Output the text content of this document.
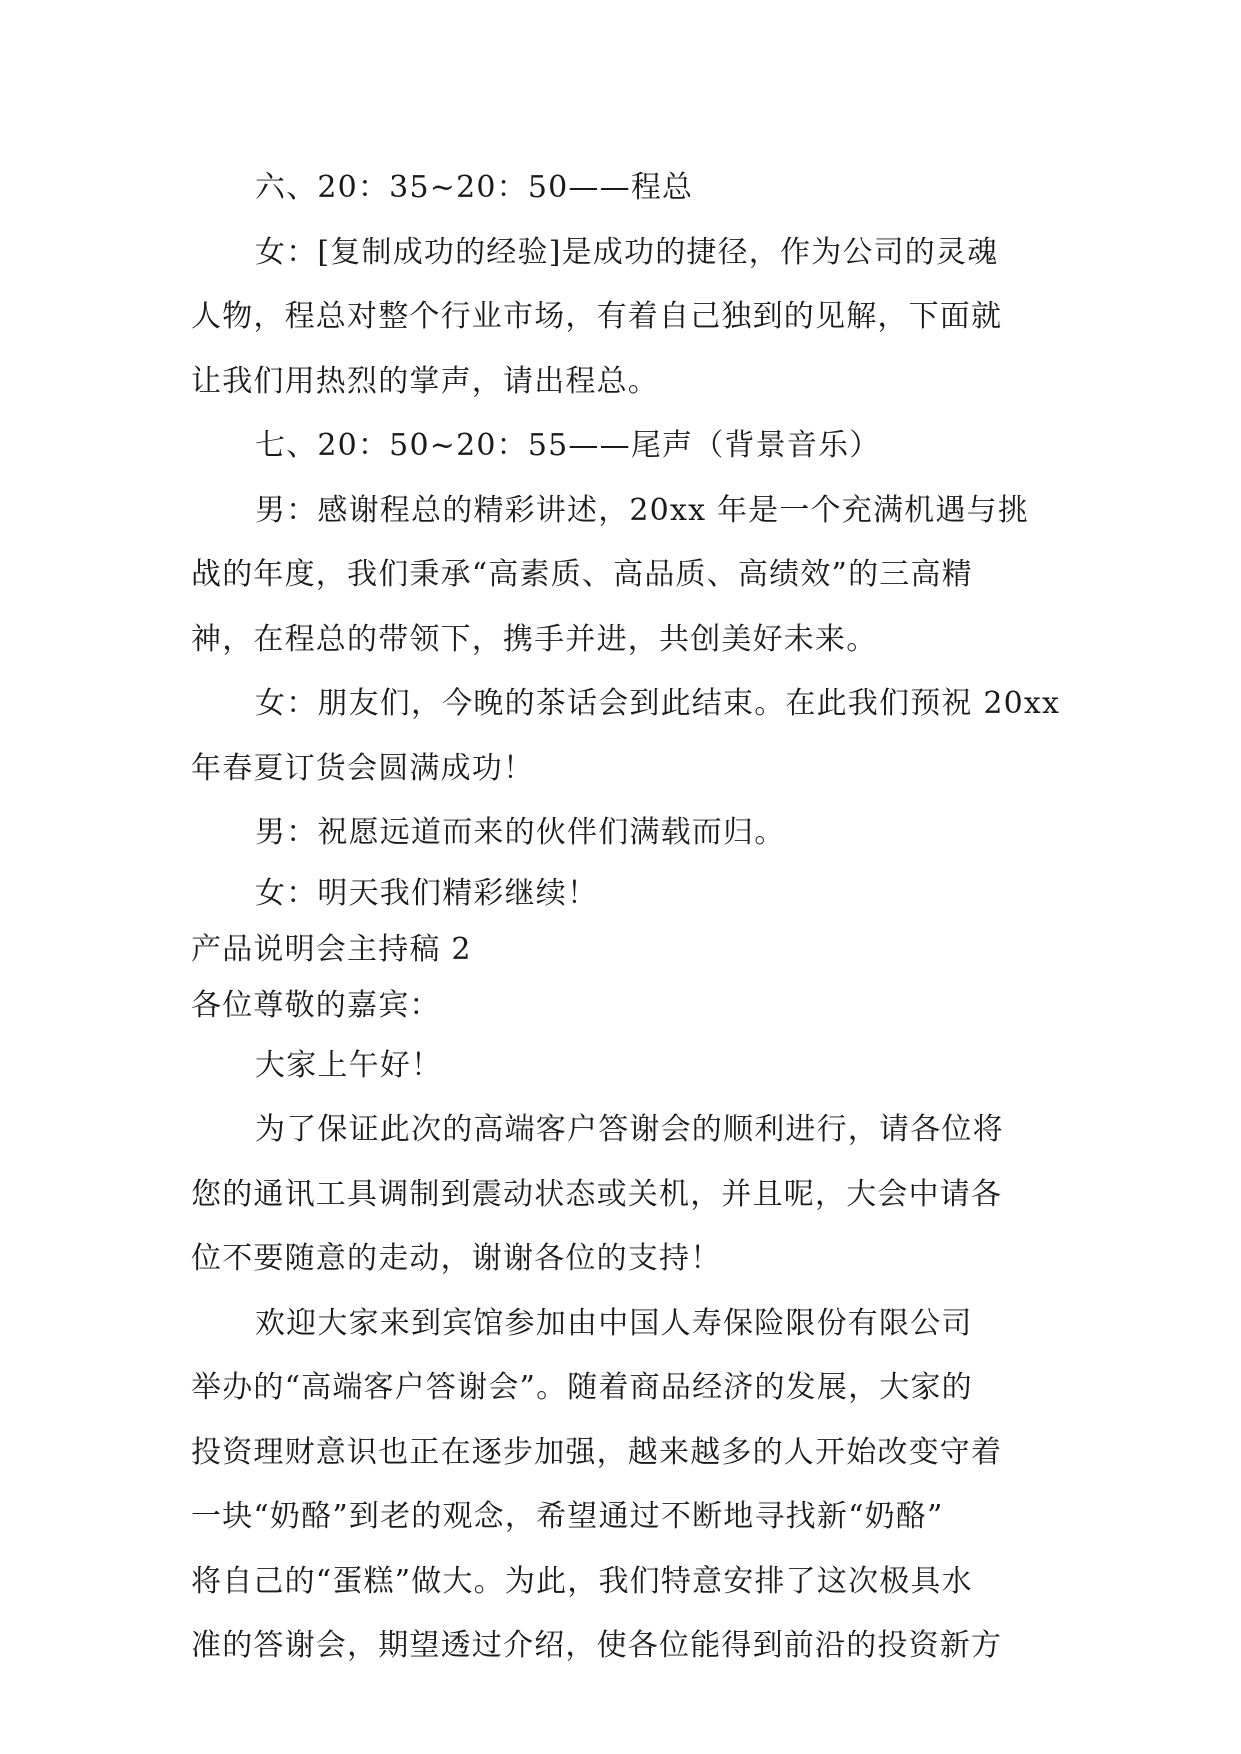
六、20：35~20：50——程总
女：[复制成功的经验]是成功的捷径，作为公司的灵魂
人物，程总对整个行业市场，有着自己独到的见解，下面就
让我们用热烈的掌声，请出程总。
七、20：50~20：55——尾声（背景音乐）
男：感谢程总的精彩讲述，20xx 年是一个充满机遇与挑
战的年度，我们秉承“高素质、高品质、高绩效”的三高精
神，在程总的带领下，携手并进，共创美好未来。
女：朋友们，今晚的茶话会到此结束。在此我们预祝 20xx
年春夏订货会圆满成功！
男：祝愿远道而来的伙伴们满载而归。
女：明天我们精彩继续！
产品说明会主持稿 2
各位尊敬的嘉宾：
大家上午好！
为了保证此次的高端客户答谢会的顺利进行，请各位将
您的通讯工具调制到震动状态或关机，并且呢，大会中请各
位不要随意的走动，谢谢各位的支持！
欢迎大家来到宾馆参加由中国人寿保险限份有限公司
举办的“高端客户答谢会”。随着商品经济的发展，大家的
投资理财意识也正在逐步加强，越来越多的人开始改变守着
一块“奶酪”到老的观念，希望通过不断地寻找新“奶酪”
将自己的“蛋糕”做大。为此，我们特意安排了这次极具水
准的答谢会，期望透过介绍，使各位能得到前沿的投资新方
